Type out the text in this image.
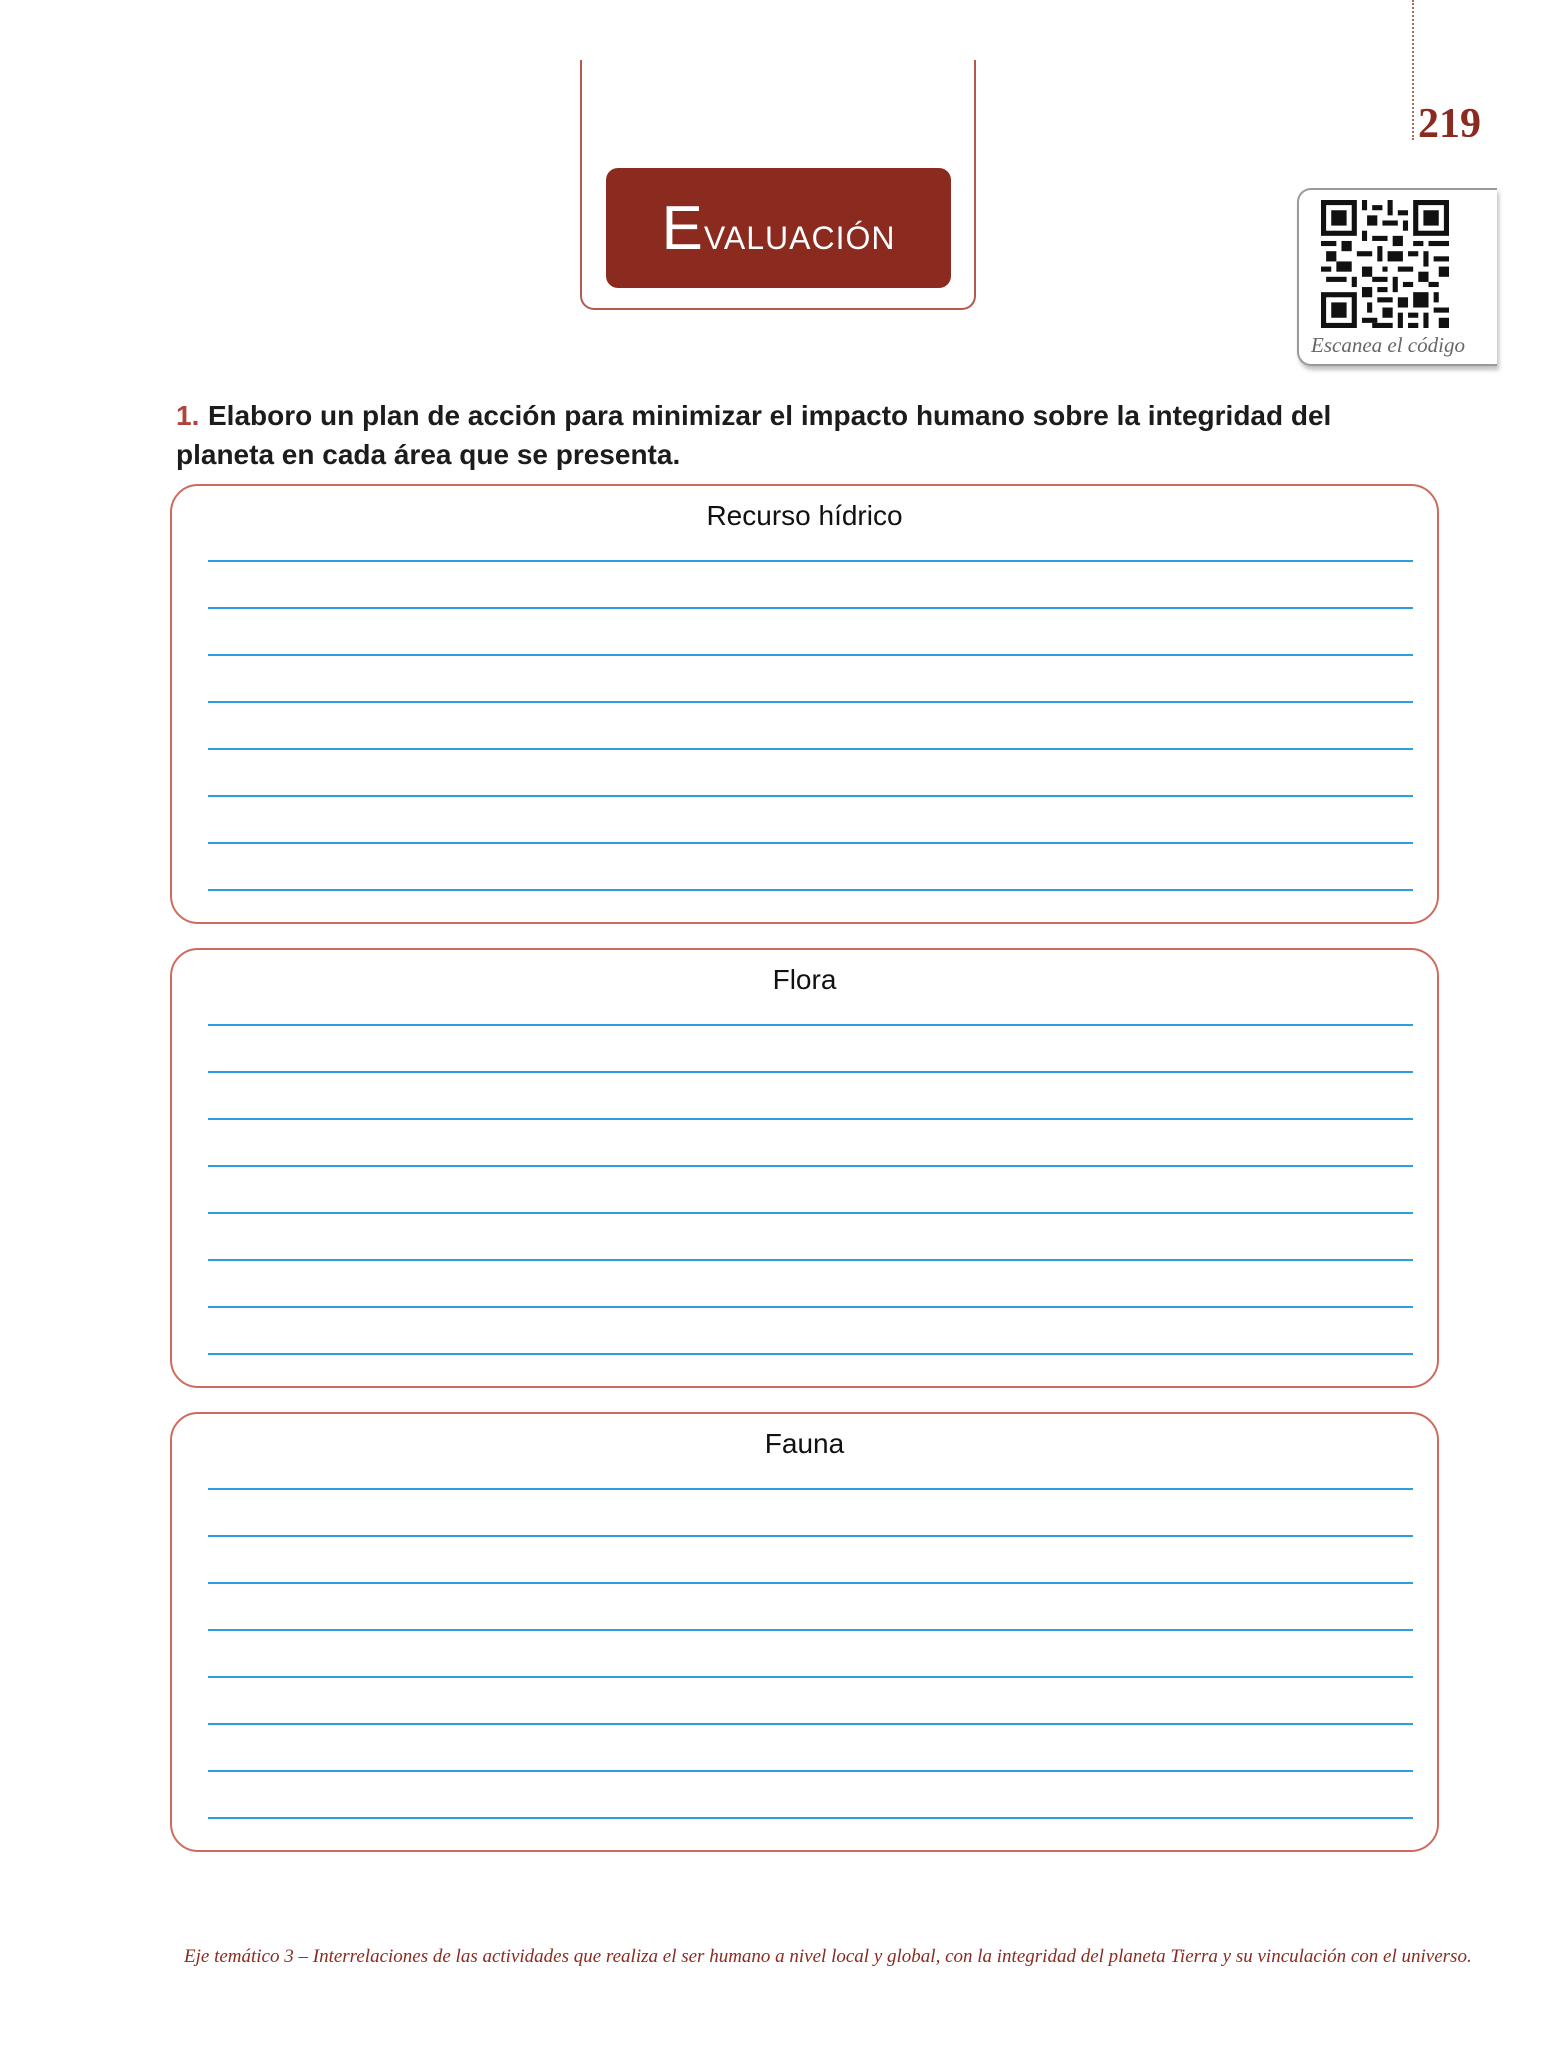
219
Evaluación
Escanea el código
1. Elaboro un plan de acción para minimizar el impacto humano sobre la integridad del planeta en cada área que se presenta.
Recurso hídrico
Flora
Fauna
Eje temático 3 – Interrelaciones de las actividades que realiza el ser humano a nivel local y global, con la integridad del planeta Tierra y su vinculación con el universo.
